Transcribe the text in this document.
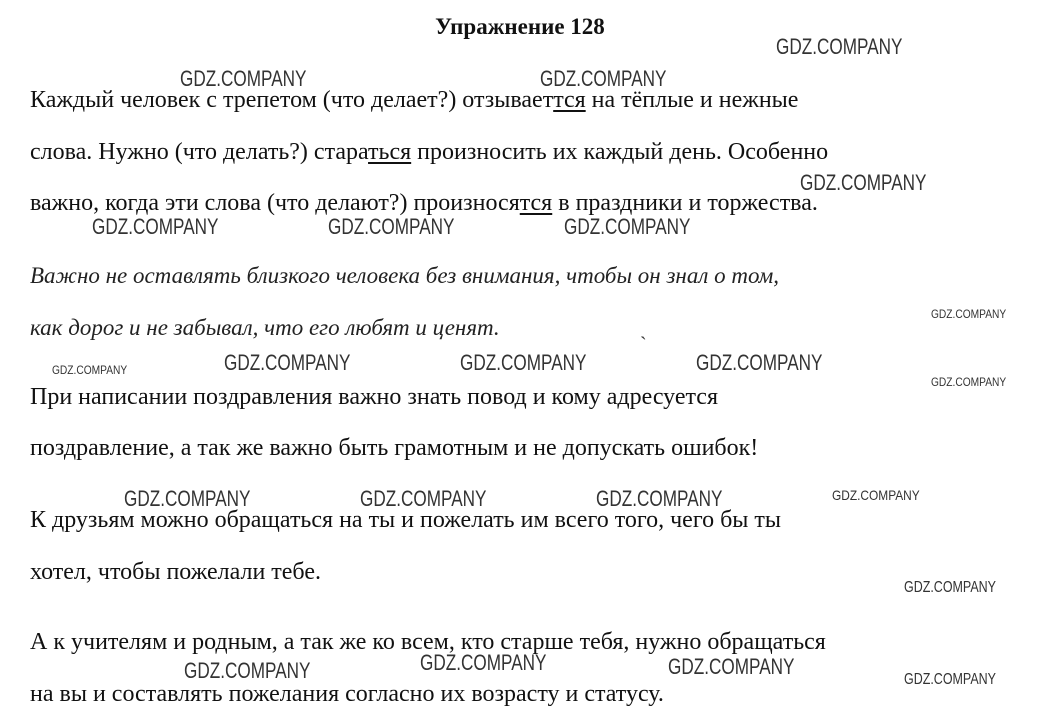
Упражнение 128
Каждый человек с трепетом (что делает?) отзываеттся на тёплые и нежные
слова. Нужно (что делать?) стараться произносить их каждый день. Особенно
важно, когда эти слова (что делают?) произносятся в праздники и торжества.
Важно не оставлять близкого человека без внимания, чтобы он знал о том,
как дорог и не забывал, что его любят и ценят.	ˎ
При написании поздравления важно знать повод и кому адресуется
поздравление, а так же важно быть грамотным и не допускать ошибок!
К друзьям можно обращаться на ты и пожелать им всего того, чего бы ты
хотел, чтобы пожелали тебе.
А к учителям и родным, а так же ко всем, кто старше тебя, нужно обращаться
на вы и составлять пожелания согласно их возрасту и статусу.
GDZ.COMPANY
GDZ.COMPANY	GDZ.COMPANY
GDZ.COMPANY
GDZ.COMPANY	GDZ.COMPANY	GDZ.COMPANY
GDZ.COMPANY
GDZ.COMPANY	GDZ.COMPANY	GDZ.COMPANY	GDZ.COMPANY
GDZ.COMPANY
GDZ.COMPANY	GDZ.COMPANY	GDZ.COMPANY	GDZ.COMPANY
GDZ.COMPANY
GDZ.COMPANY	GDZ.COMPANY	GDZ.COMPANY
GDZ.COMPANY
